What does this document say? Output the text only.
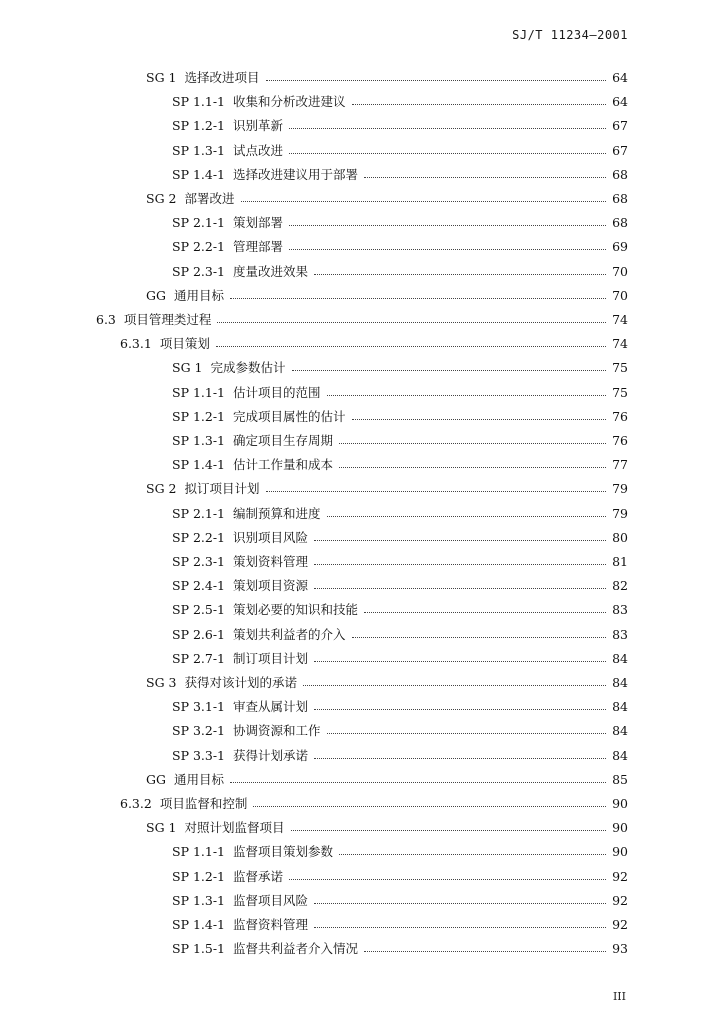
SJ/T 11234—2001
SG 1 选择改进项目	64
SP 1.1-1 收集和分析改进建议	64
SP 1.2-1 识别革新	67
SP 1.3-1 试点改进	67
SP 1.4-1 选择改进建议用于部署	68
SG 2 部署改进	68
SP 2.1-1 策划部署	68
SP 2.2-1 管理部署	69
SP 2.3-1 度量改进效果	70
GG 通用目标	70
6.3 项目管理类过程	74
6.3.1 项目策划	74
SG 1 完成参数估计	75
SP 1.1-1 估计项目的范围	75
SP 1.2-1 完成项目属性的估计	76
SP 1.3-1 确定项目生存周期	76
SP 1.4-1 估计工作量和成本	77
SG 2 拟订项目计划	79
SP 2.1-1 编制预算和进度	79
SP 2.2-1 识别项目风险	80
SP 2.3-1 策划资料管理	81
SP 2.4-1 策划项目资源	82
SP 2.5-1 策划必要的知识和技能	83
SP 2.6-1 策划共利益者的介入	83
SP 2.7-1 制订项目计划	84
SG 3 获得对该计划的承诺	84
SP 3.1-1 审查从属计划	84
SP 3.2-1 协调资源和工作	84
SP 3.3-1 获得计划承诺	84
GG 通用目标	85
6.3.2 项目监督和控制	90
SG 1 对照计划监督项目	90
SP 1.1-1 监督项目策划参数	90
SP 1.2-1 监督承诺	92
SP 1.3-1 监督项目风险	92
SP 1.4-1 监督资料管理	92
SP 1.5-1 监督共利益者介入情况	93
III
